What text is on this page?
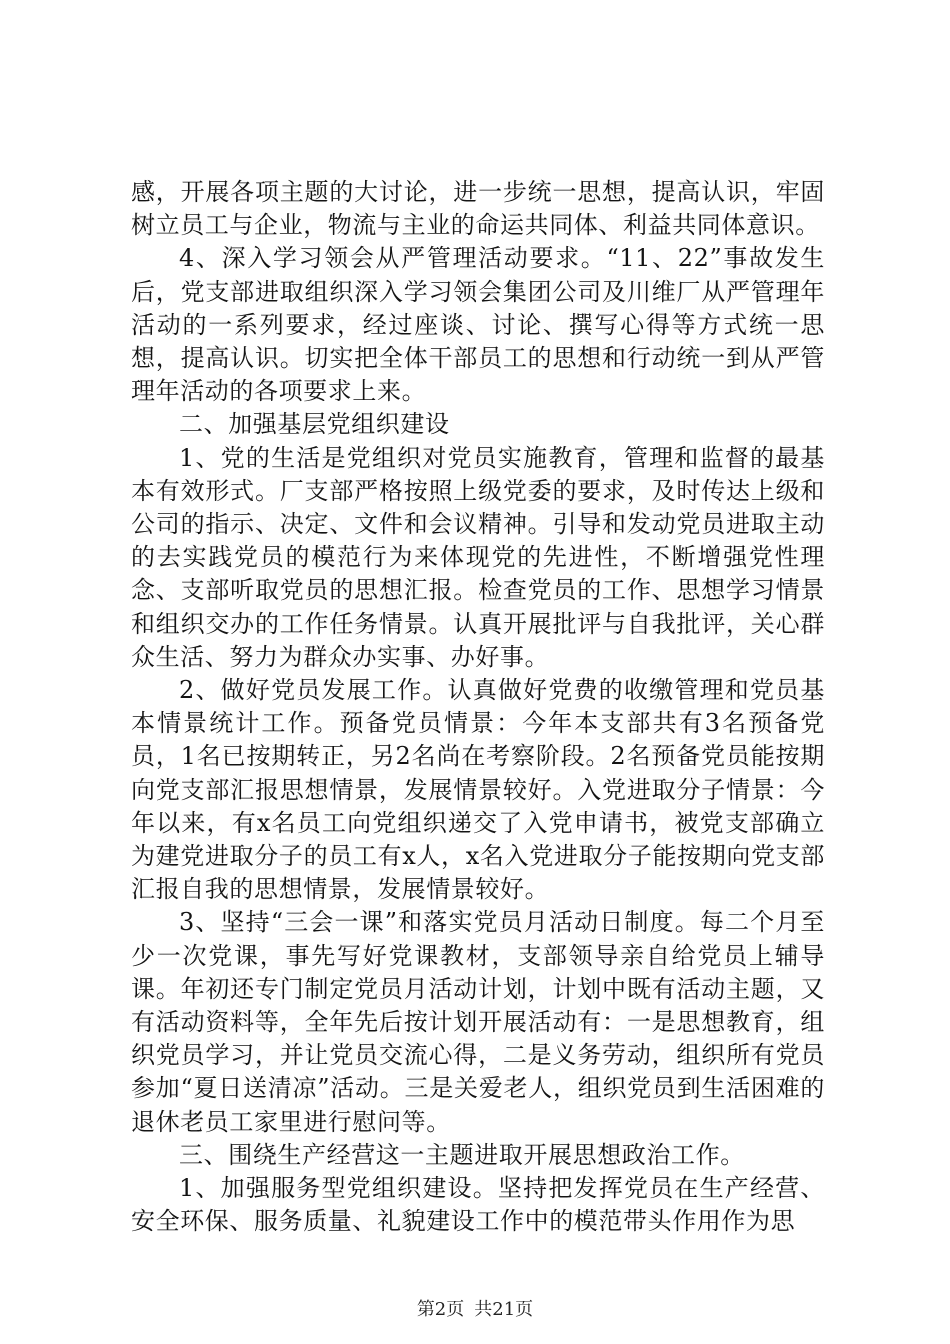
感，开展各项主题的大讨论，进一步统一思想，提高认识，牢固树立员工与企业，物流与主业的命运共同体、利益共同体意识。

4、深入学习领会从严管理活动要求。“11、22”事故发生后，党支部进取组织深入学习领会集团公司及川维厂从严管理年活动的一系列要求，经过座谈、讨论、撰写心得等方式统一思想，提高认识。切实把全体干部员工的思想和行动统一到从严管理年活动的各项要求上来。

二、加强基层党组织建设

1、党的生活是党组织对党员实施教育，管理和监督的最基本有效形式。厂支部严格按照上级党委的要求，及时传达上级和公司的指示、决定、文件和会议精神。引导和发动党员进取主动的去实践党员的模范行为来体现党的先进性，不断增强党性理念、支部听取党员的思想汇报。检查党员的工作、思想学习情景和组织交办的工作任务情景。认真开展批评与自我批评，关心群众生活、努力为群众办实事、办好事。

2、做好党员发展工作。认真做好党费的收缴管理和党员基本情景统计工作。预备党员情景：今年本支部共有3名预备党员，1名已按期转正，另2名尚在考察阶段。2名预备党员能按期向党支部汇报思想情景，发展情景较好。入党进取分子情景：今年以来，有x名员工向党组织递交了入党申请书，被党支部确立为建党进取分子的员工有x人，x名入党进取分子能按期向党支部汇报自我的思想情景，发展情景较好。

3、坚持“三会一课”和落实党员月活动日制度。每二个月至少一次党课，事先写好党课教材，支部领导亲自给党员上辅导课。年初还专门制定党员月活动计划，计划中既有活动主题，又有活动资料等，全年先后按计划开展活动有：一是思想教育，组织党员学习，并让党员交流心得，二是义务劳动，组织所有党员参加“夏日送清凉”活动。三是关爱老人，组织党员到生活困难的退休老员工家里进行慰问等。

三、围绕生产经营这一主题进取开展思想政治工作。

1、加强服务型党组织建设。坚持把发挥党员在生产经营、安全环保、服务质量、礼貌建设工作中的模范带头作用作为思

第2页 共21页
